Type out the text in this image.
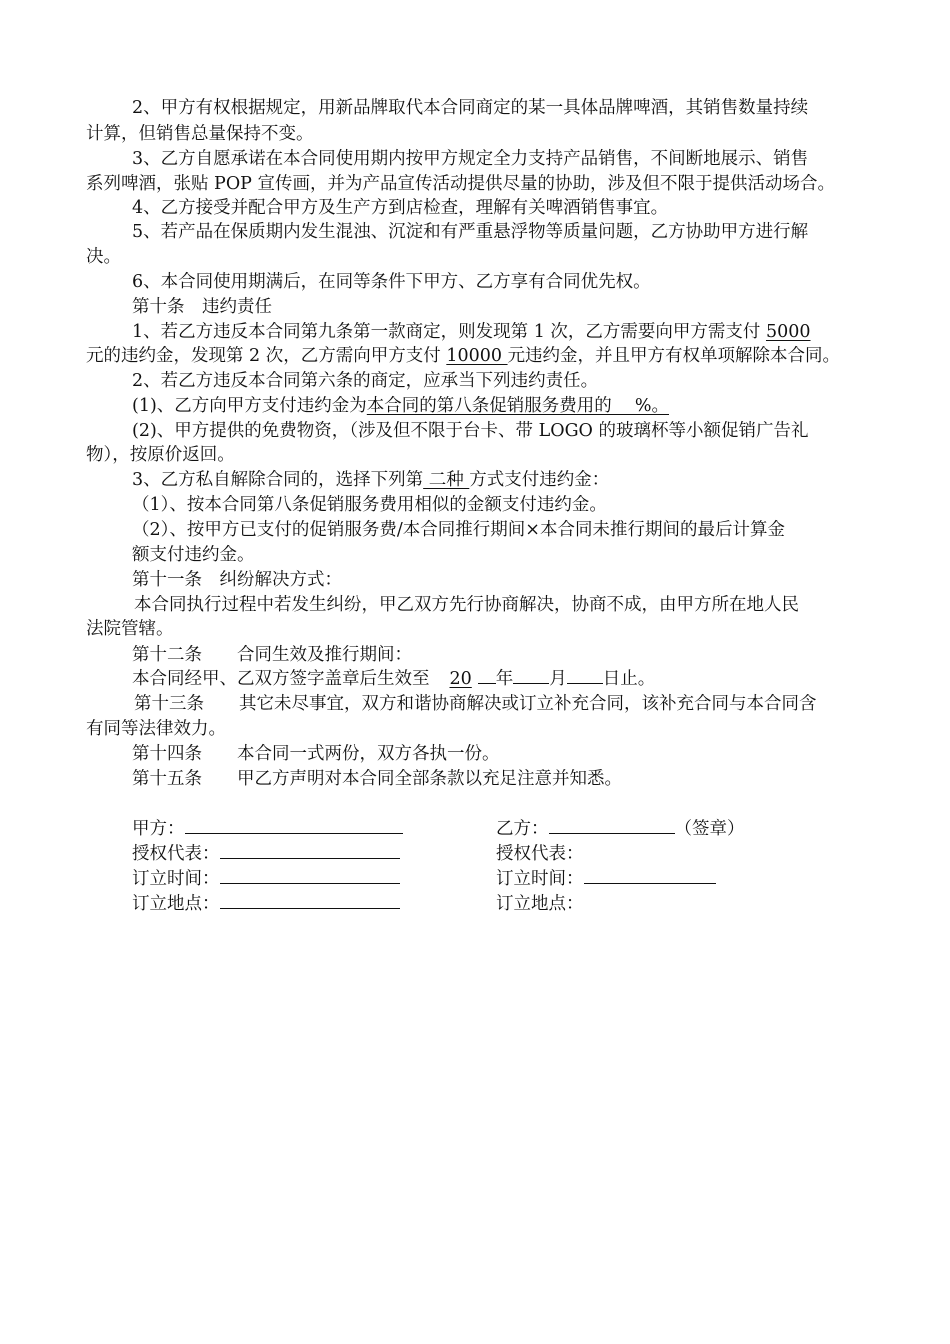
2、甲方有权根据规定，用新品牌取代本合同商定的某一具体品牌啤酒，其销售数量持续
计算，但销售总量保持不变。
3、乙方自愿承诺在本合同使用期内按甲方规定全力支持产品销售，不间断地展示、销售
系列啤酒，张贴 POP 宣传画，并为产品宣传活动提供尽量的协助，涉及但不限于提供活动场合。
4、乙方接受并配合甲方及生产方到店检查，理解有关啤酒销售事宜。
5、若产品在保质期内发生混浊、沉淀和有严重悬浮物等质量问题，乙方协助甲方进行解
决。
6、本合同使用期满后，在同等条件下甲方、乙方享有合同优先权。
第十条　违约责任
1、若乙方违反本合同第九条第一款商定，则发现第 1 次，乙方需要向甲方需支付 5000
元的违约金，发现第 2 次，乙方需向甲方支付 10000 元违约金，并且甲方有权单项解除本合同。
2、若乙方违反本合同第六条的商定，应承当下列违约责任。
(1)、乙方向甲方支付违约金为本合同的第八条促销服务费用的　 %。
(2)、甲方提供的免费物资，（涉及但不限于台卡、带 LOGO 的玻璃杯等小额促销广告礼
物），按原价返回。
3、乙方私自解除合同的，选择下列第 二种 方式支付违约金：
（1）、按本合同第八条促销服务费用相似的金额支付违约金。
（2）、按甲方已支付的促销服务费/本合同推行期间×本合同未推行期间的最后计算金
额支付违约金。
第十一条　纠纷解决方式：
本合同执行过程中若发生纠纷，甲乙双方先行协商解决，协商不成，由甲方所在地人民
法院管辖。
第十二条　　合同生效及推行期间：
本合同经甲、乙双方签字盖章后生效至 20 年 月 日止。
第十三条　　其它未尽事宜，双方和谐协商解决或订立补充合同，该补充合同与本合同含
有同等法律效力。
第十四条　　本合同一式两份，双方各执一份。
第十五条　　甲乙方声明对本合同全部条款以充足注意并知悉。
甲方：
授权代表：
订立时间：
订立地点：
乙方：	（签章）
授权代表：
订立时间：
订立地点：
